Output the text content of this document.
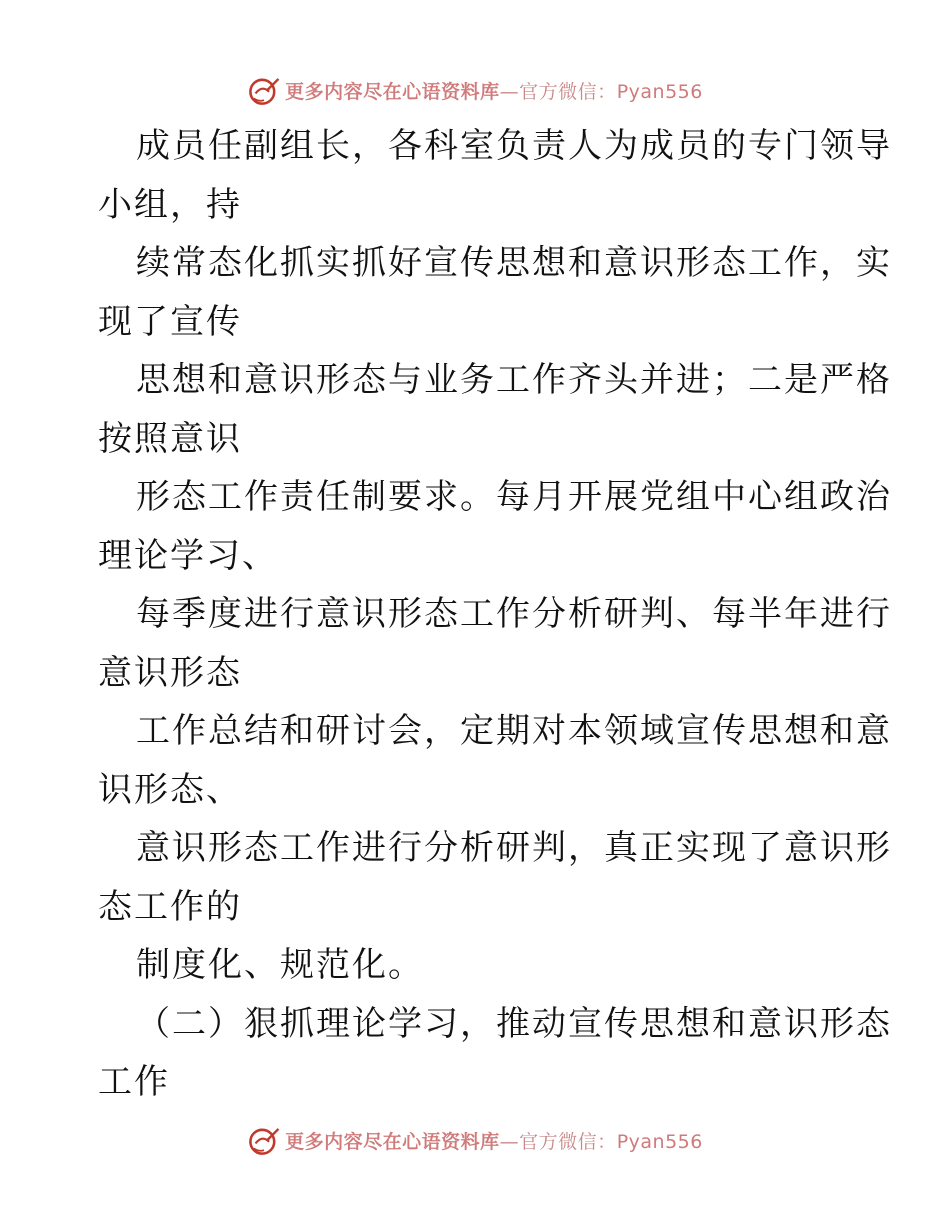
更多内容尽在心语资料库—官方微信：Pyan556
成员任副组长，各科室负责人为成员的专门领导
小组，持
续常态化抓实抓好宣传思想和意识形态工作，实
现了宣传
思想和意识形态与业务工作齐头并进；二是严格
按照意识
形态工作责任制要求。每月开展党组中心组政治
理论学习、
每季度进行意识形态工作分析研判、每半年进行
意识形态
工作总结和研讨会，定期对本领域宣传思想和意
识形态、
意识形态工作进行分析研判，真正实现了意识形
态工作的
制度化、规范化。
（二）狠抓理论学习，推动宣传思想和意识形态
工作
更多内容尽在心语资料库—官方微信：Pyan556
